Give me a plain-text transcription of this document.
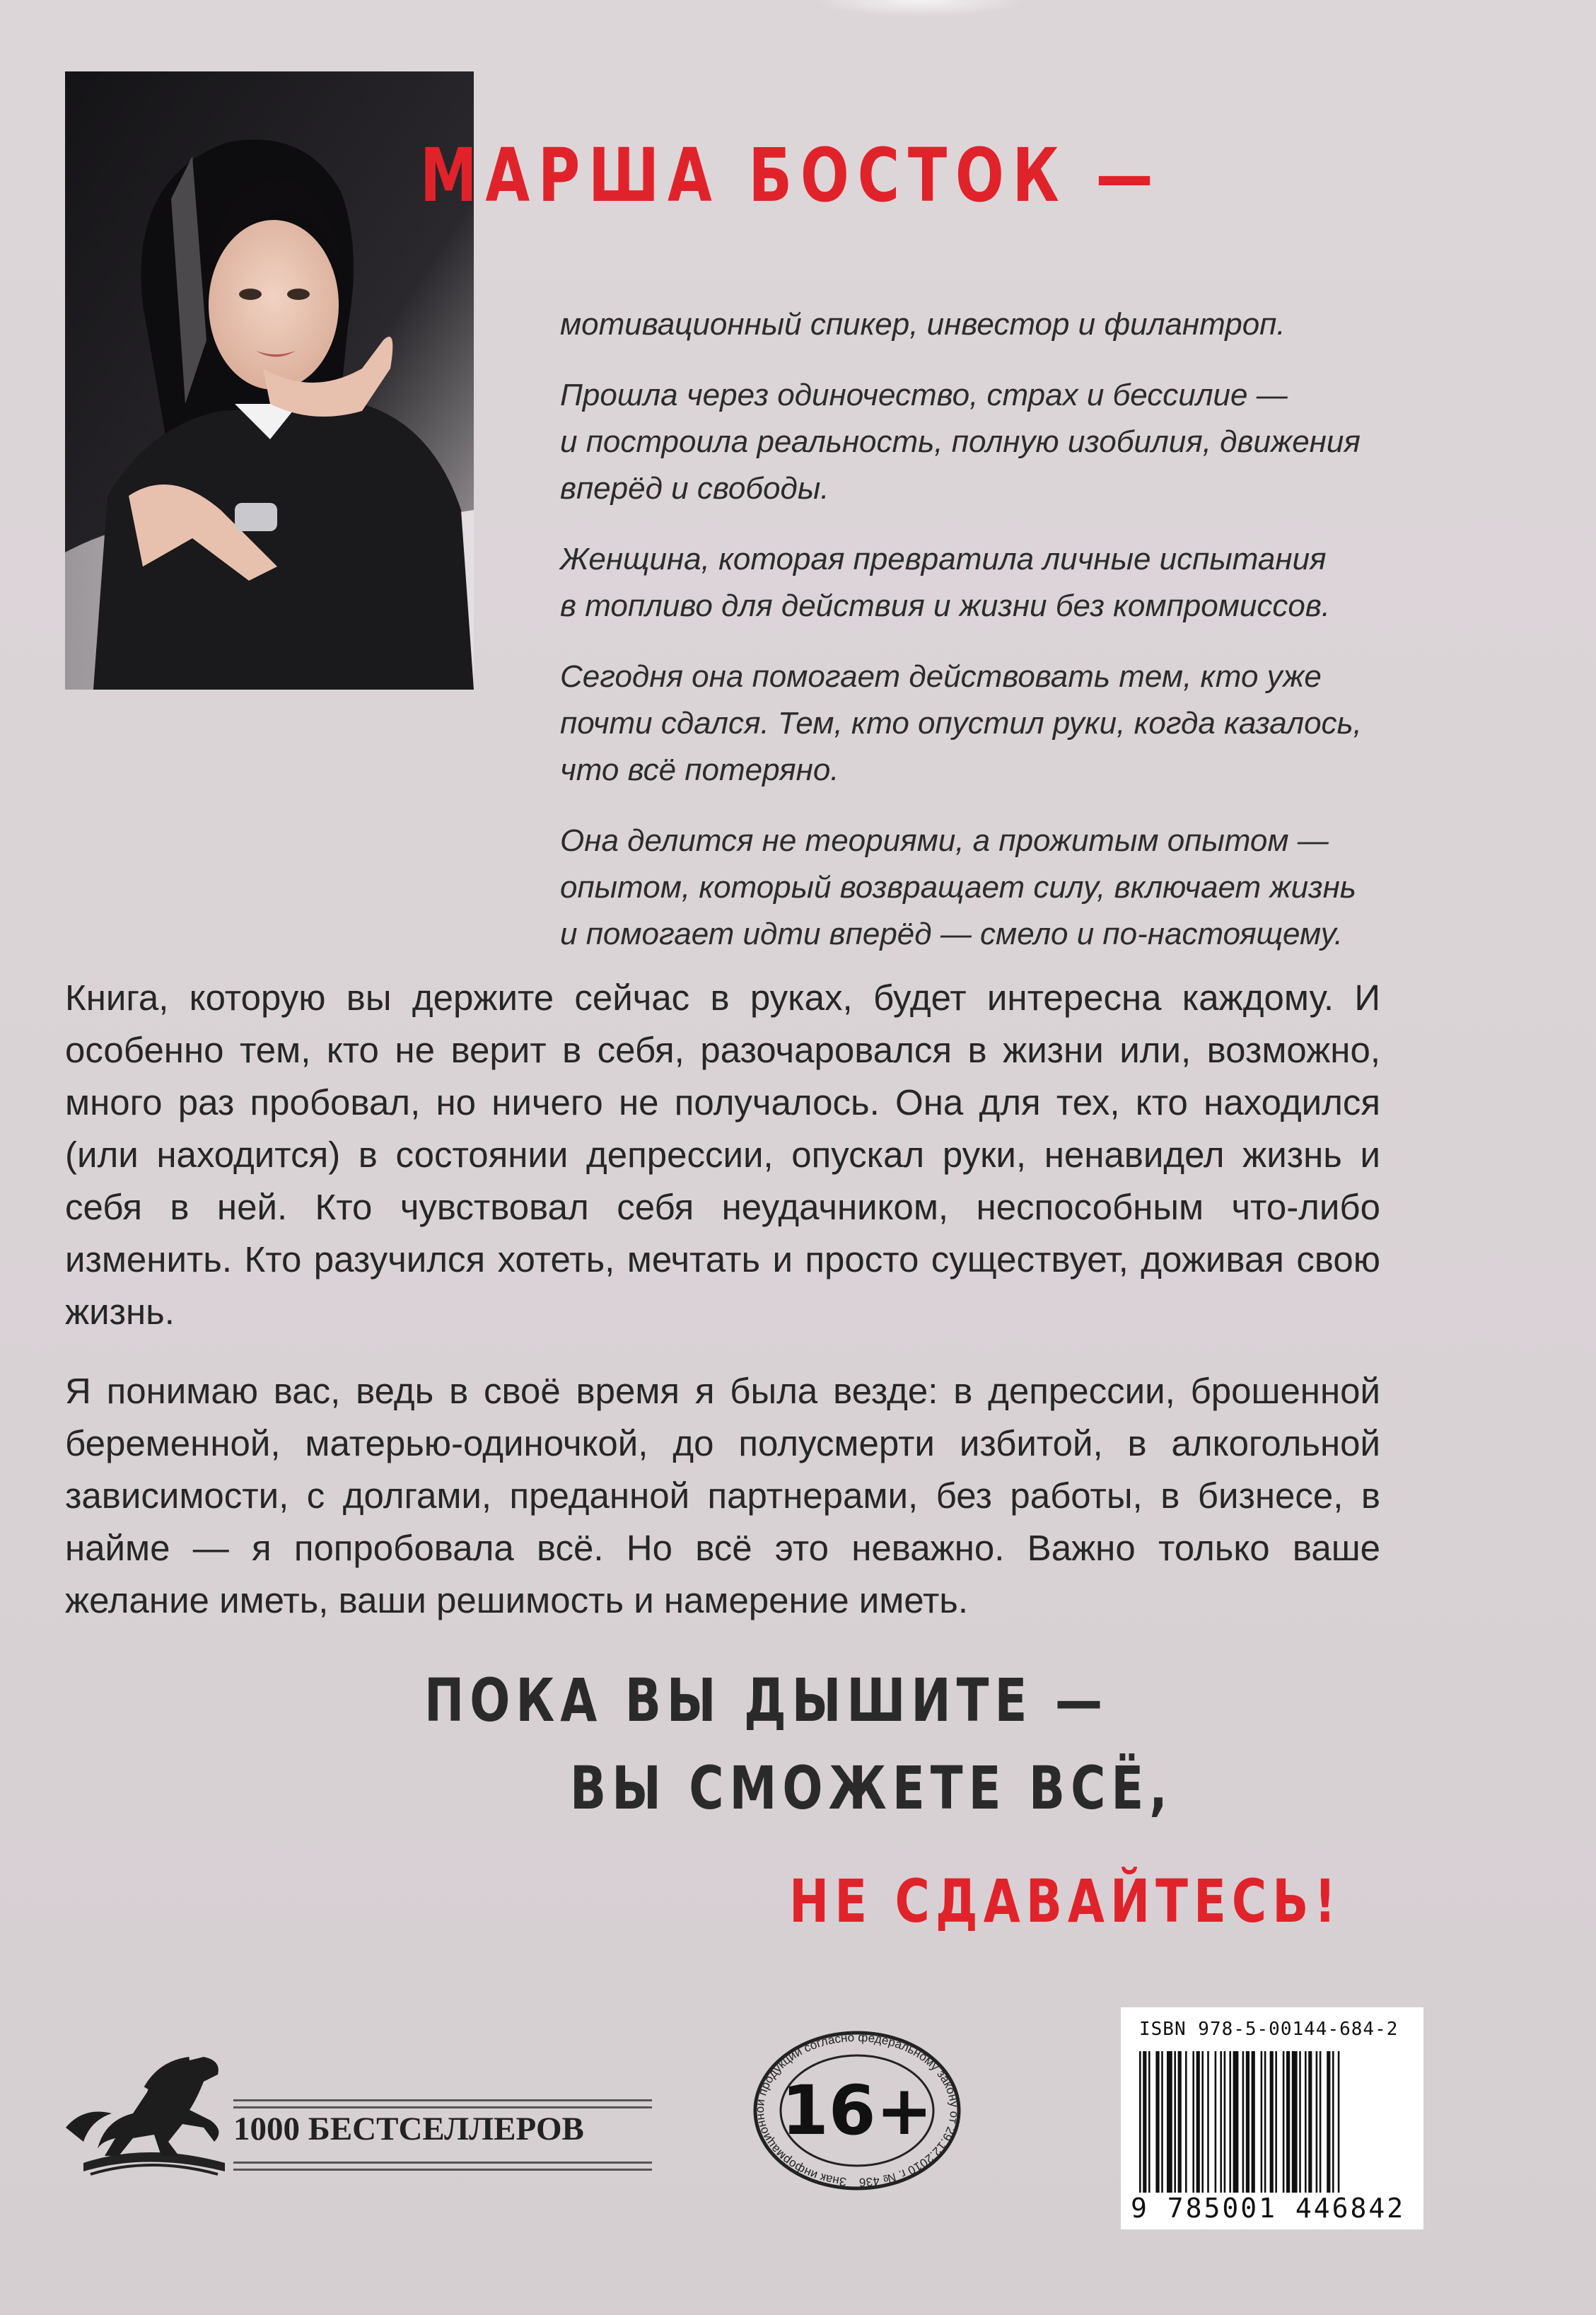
МАРША БОСТОК —

мотивационный спикер, инвестор и филантроп.

Прошла через одиночество, страх и бессилие —
и построила реальность, полную изобилия, движения
вперёд и свободы.

Женщина, которая превратила личные испытания
в топливо для действия и жизни без компромиссов.

Сегодня она помогает действовать тем, кто уже
почти сдался. Тем, кто опустил руки, когда казалось,
что всё потеряно.

Она делится не теориями, а прожитым опытом —
опытом, который возвращает силу, включает жизнь
и помогает идти вперёд — смело и по-настоящему.

Книга, которую вы держите сейчас в руках, будет интересна каждому. И особенно тем, кто не верит в себя, разочаровался в жизни или, возможно, много раз пробовал, но ничего не получалось. Она для тех, кто находился (или находится) в состоянии депрессии, опускал руки, ненавидел жизнь и себя в ней. Кто чувствовал себя неудачником, неспособным что-либо изменить. Кто разучился хотеть, мечтать и просто существует, доживая свою жизнь.

Я понимаю вас, ведь в своё время я была везде: в депрессии, брошенной беременной, матерью-одиночкой, до полусмерти избитой, в алкогольной зависимости, с долгами, преданной партнерами, без работы, в бизнесе, в найме — я попробовала всё. Но всё это неважно. Важно только ваше желание иметь, ваши решимость и намерение иметь.

ПОКА ВЫ ДЫШИТЕ —
ВЫ СМОЖЕТЕ ВСЁ,
НЕ СДАВАЙТЕСЬ!
1000 БЕСТСЕЛЛЕРОВ
Знак информационной продукции согласно федеральному закону от 29.12.2010 г. № 436
16+
ISBN 978-5-00144-684-2
9 785001 446842
